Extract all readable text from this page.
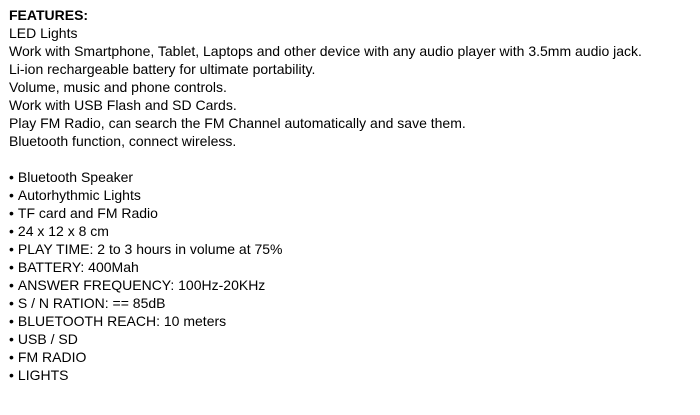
FEATURES:

LED Lights

Work with Smartphone, Tablet, Laptops and other device with any audio player with 3.5mm audio jack.

Li-ion rechargeable battery for ultimate portability.

Volume, music and phone controls.

Work with USB Flash and SD Cards.

Play FM Radio, can search the FM Channel automatically and save them.

Bluetooth function, connect wireless.

• Bluetooth Speaker
• Autorhythmic Lights
• TF card and FM Radio
• 24 x 12 x 8 cm
• PLAY TIME: 2 to 3 hours in volume at 75%
• BATTERY: 400Mah
• ANSWER FREQUENCY: 100Hz-20KHz
• S / N RATION: == 85dB
• BLUETOOTH REACH: 10 meters
• USB / SD
• FM RADIO
• LIGHTS
